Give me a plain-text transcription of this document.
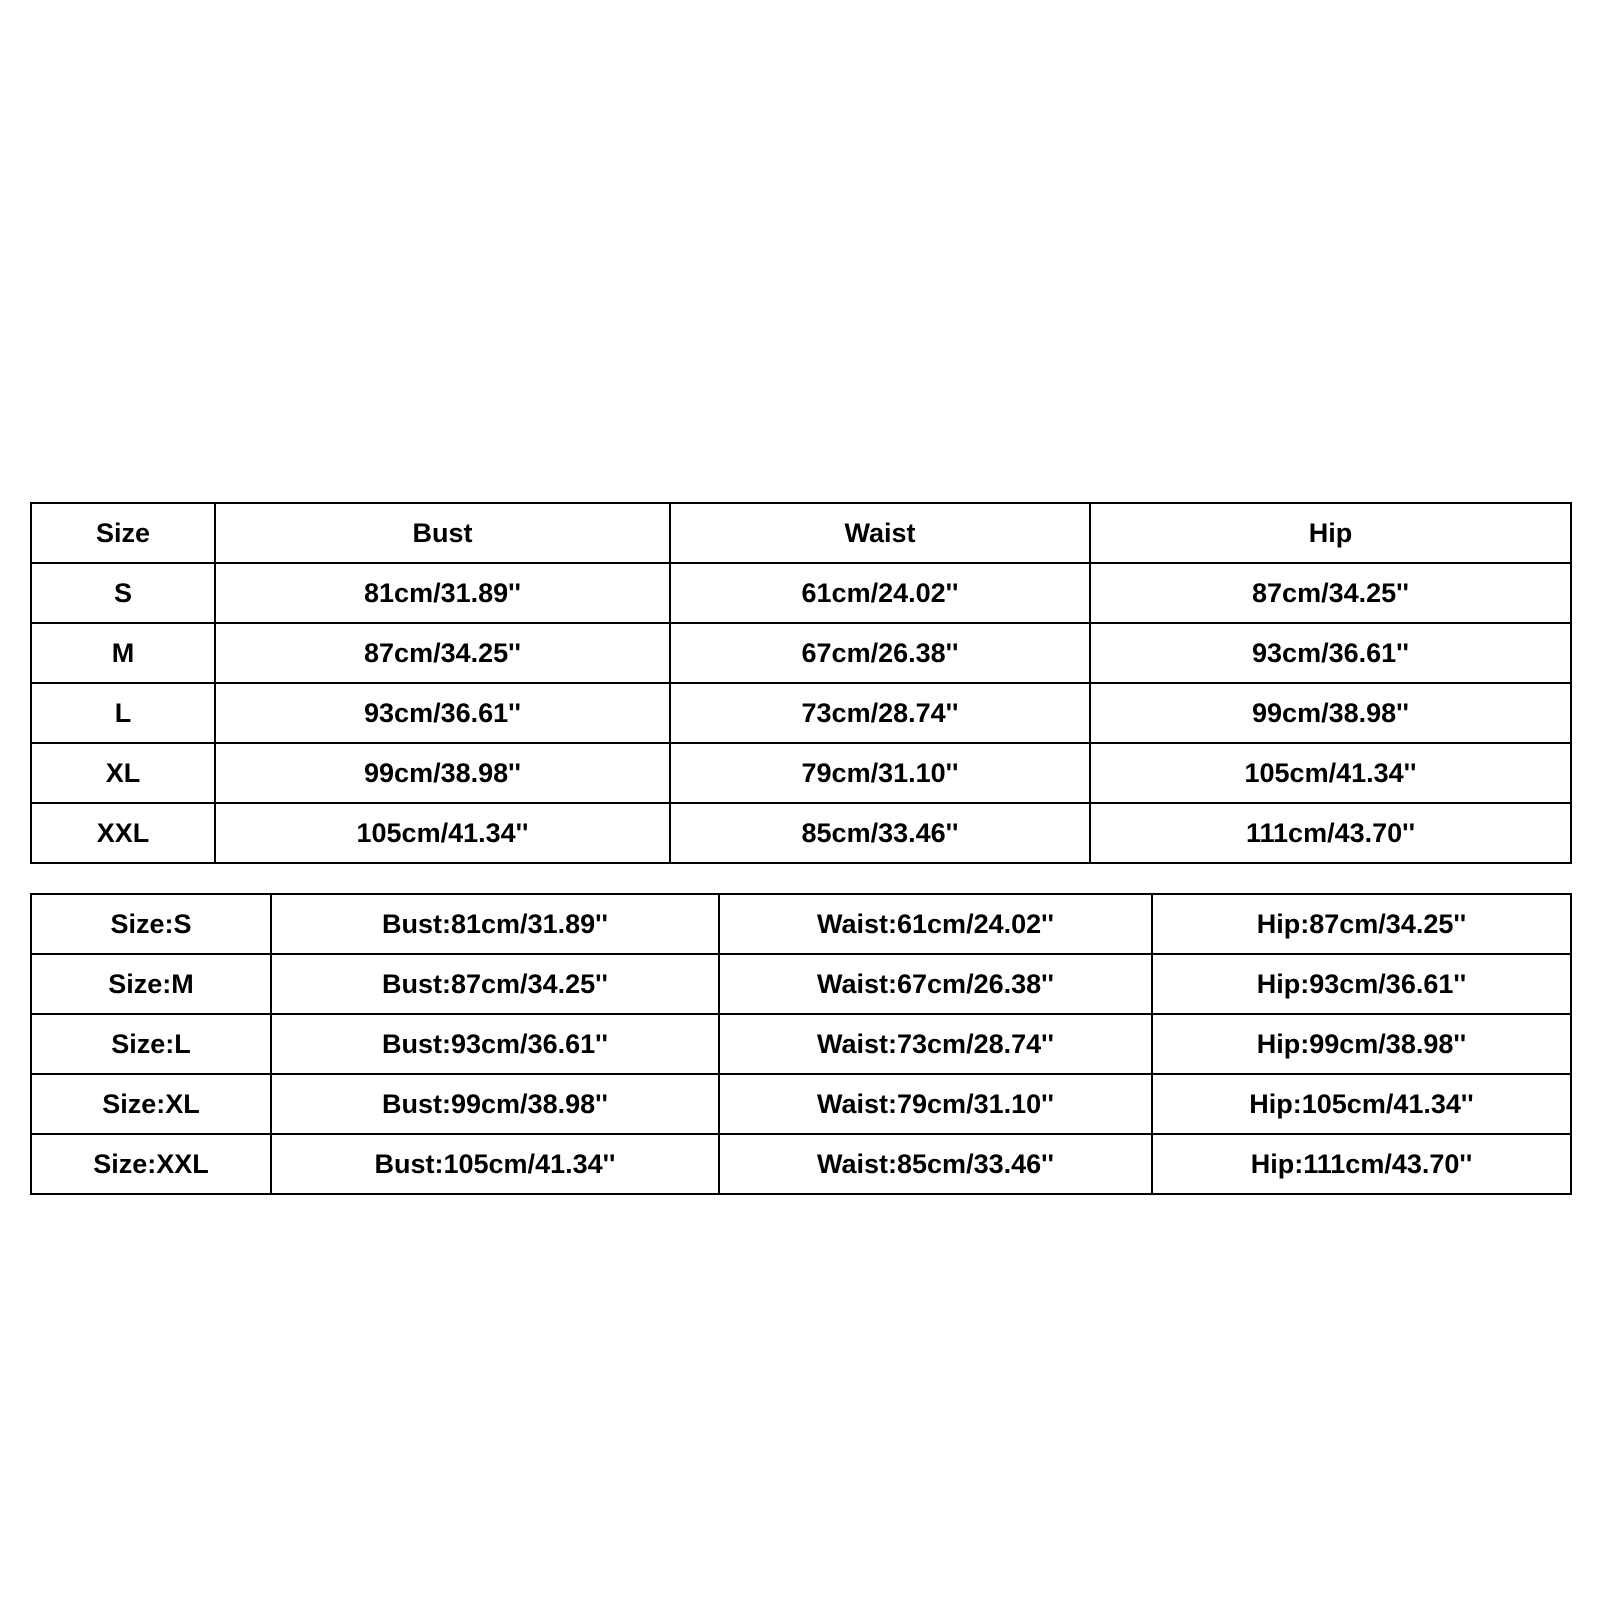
Size	Bust	Waist	Hip
S	81cm/31.89''	61cm/24.02''	87cm/34.25''
M	87cm/34.25''	67cm/26.38''	93cm/36.61''
L	93cm/36.61''	73cm/28.74''	99cm/38.98''
XL	99cm/38.98''	79cm/31.10''	105cm/41.34''
XXL	105cm/41.34''	85cm/33.46''	111cm/43.70''
Size:S	Bust:81cm/31.89''	Waist:61cm/24.02''	Hip:87cm/34.25''
Size:M	Bust:87cm/34.25''	Waist:67cm/26.38''	Hip:93cm/36.61''
Size:L	Bust:93cm/36.61''	Waist:73cm/28.74''	Hip:99cm/38.98''
Size:XL	Bust:99cm/38.98''	Waist:79cm/31.10''	Hip:105cm/41.34''
Size:XXL	Bust:105cm/41.34''	Waist:85cm/33.46''	Hip:111cm/43.70''
